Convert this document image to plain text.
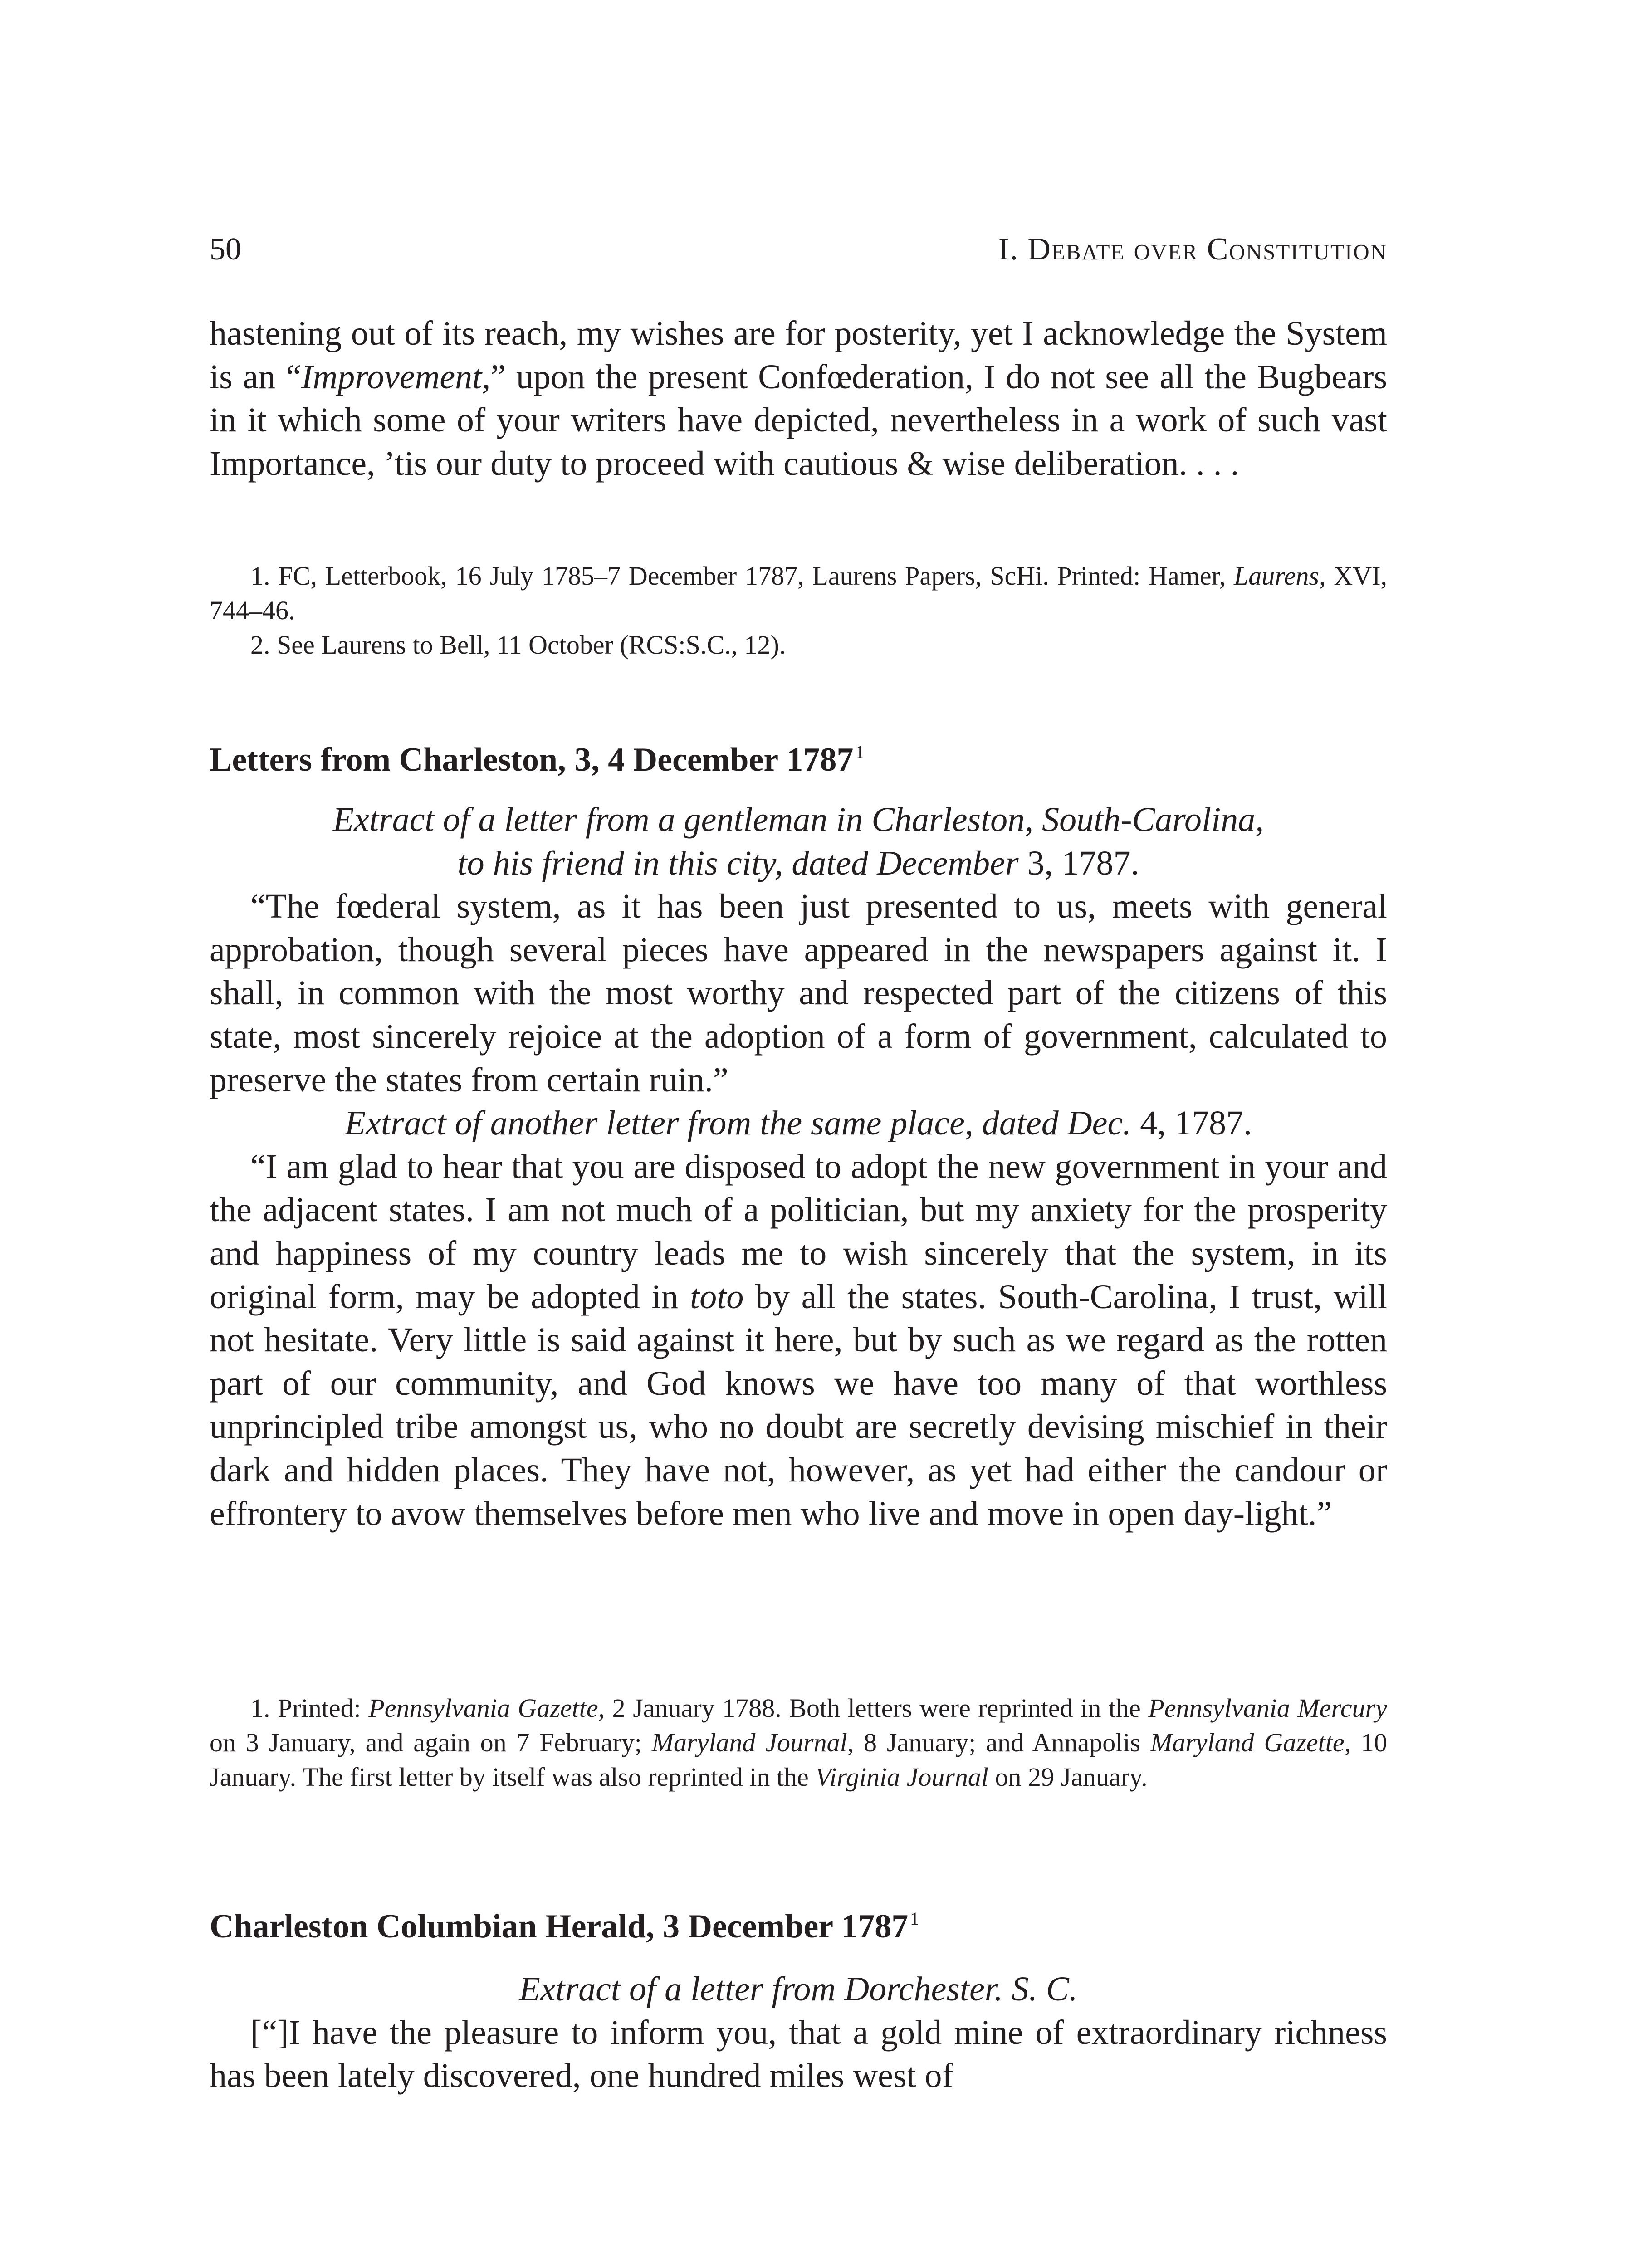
50	I. Debate over Constitution

hastening out of its reach, my wishes are for posterity, yet I acknowledge the System is an “Improvement,” upon the present Confœderation, I do not see all the Bugbears in it which some of your writers have depicted, nevertheless in a work of such vast Importance, ’tis our duty to proceed with cautious & wise deliberation. . . .

1. FC, Letterbook, 16 July 1785–7 December 1787, Laurens Papers, ScHi. Printed: Hamer, Laurens, XVI, 744–46.

2. See Laurens to Bell, 11 October (RCS:S.C., 12).

Letters from Charleston, 3, 4 December 1787 $^1$

Extract of a letter from a gentleman in Charleston, South-Carolina,

to his friend in this city, dated December 3, 1787.

“The fœderal system, as it has been just presented to us, meets with general approbation, though several pieces have appeared in the newspapers against it. I shall, in common with the most worthy and respected part of the citizens of this state, most sincerely rejoice at the adoption of a form of government, calculated to preserve the states from certain ruin.”

Extract of another letter from the same place, dated Dec. 4, 1787.

“I am glad to hear that you are disposed to adopt the new government in your and the adjacent states. I am not much of a politician, but my anxiety for the prosperity and happiness of my country leads me to wish sincerely that the system, in its original form, may be adopted in toto by all the states. South-Carolina, I trust, will not hesitate. Very little is said against it here, but by such as we regard as the rotten part of our community, and God knows we have too many of that worthless unprincipled tribe amongst us, who no doubt are secretly devising mischief in their dark and hidden places. They have not, however, as yet had either the candour or effrontery to avow themselves before men who live and move in open day-light.”

1. Printed: Pennsylvania Gazette, 2 January 1788. Both letters were reprinted in the Pennsylvania Mercury on 3 January, and again on 7 February; Maryland Journal, 8 January; and Annapolis Maryland Gazette, 10 January. The first letter by itself was also reprinted in the Virginia Journal on 29 January.

Charleston Columbian Herald, 3 December 1787 $^1$

Extract of a letter from Dorchester. S. C.

[“]I have the pleasure to inform you, that a gold mine of extraordinary richness has been lately discovered, one hundred miles west of
